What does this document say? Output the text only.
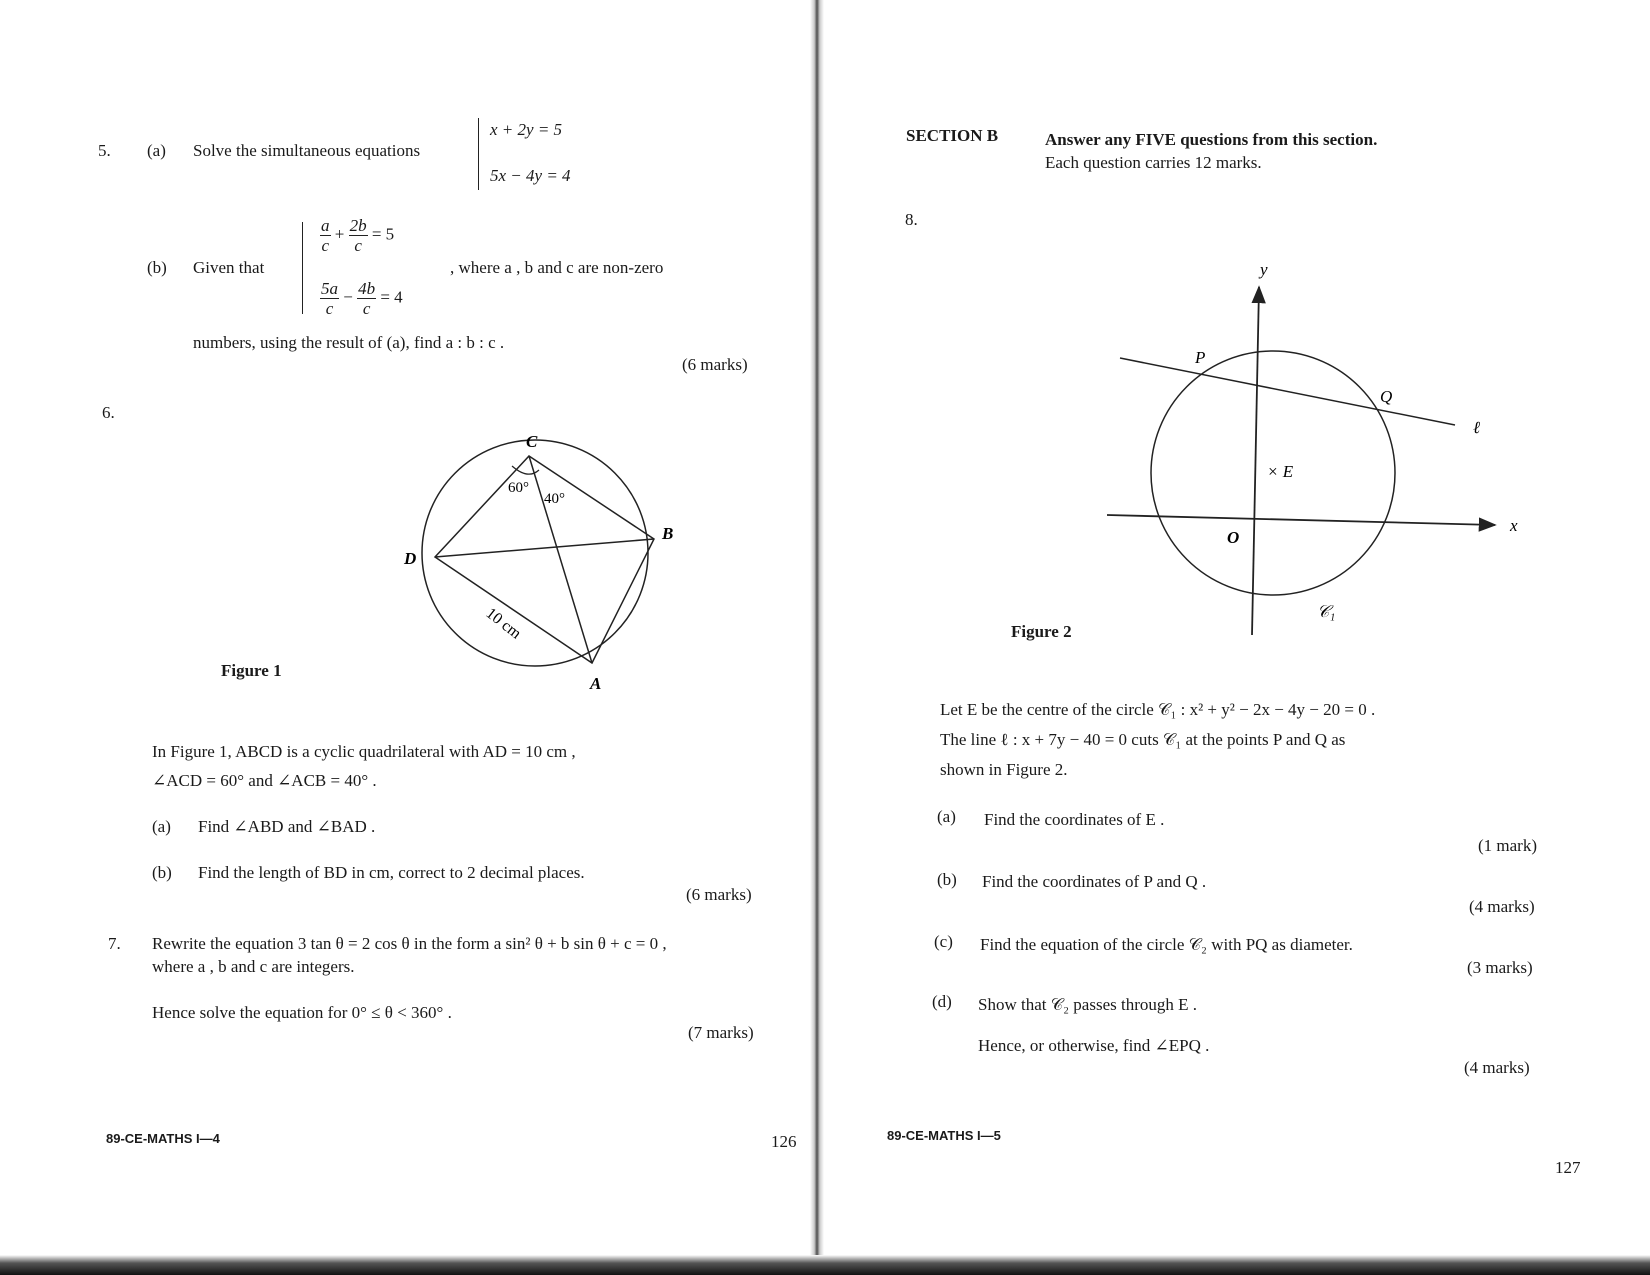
5. (a) Solve the simultaneous equations
x + 2y = 5
5x − 4y = 4
(b) Given that
$\frac{a}{c} + \frac{2b}{c} = 5$
$\frac{5a}{c} - \frac{4b}{c} = 4$
, where a , b and c are non-zero
numbers, using the result of (a), find a : b : c .
(6 marks)
6.
C
B
D
A
60°
40°
10 cm
Figure 1
In Figure 1, ABCD is a cyclic quadrilateral with AD = 10 cm ,
∠ACD = 60° and ∠ACB = 40° .
(a) Find ∠ABD and ∠BAD .
(b) Find the length of BD in cm, correct to 2 decimal places.
(6 marks)
7. Rewrite the equation 3 tan θ = 2 cos θ in the form a sin² θ + b sin θ + c = 0 ,
where a , b and c are integers.
Hence solve the equation for 0° ≤ θ < 360° .
(7 marks)
89-CE-MATHS I—4	126
SECTION B	Answer any FIVE questions from this section.
Each question carries 12 marks.
8.
y
x
O
P
Q
× E
ℓ
𝒞₁
Figure 2
Let E be the centre of the circle 𝒞₁ : x² + y² − 2x − 4y − 20 = 0 .
The line ℓ : x + 7y − 40 = 0 cuts 𝒞₁ at the points P and Q as
shown in Figure 2.
(a) Find the coordinates of E .
(1 mark)
(b) Find the coordinates of P and Q .
(4 marks)
(c) Find the equation of the circle 𝒞₂ with PQ as diameter.
(3 marks)
(d) Show that 𝒞₂ passes through E .
Hence, or otherwise, find ∠EPQ .
(4 marks)
89-CE-MATHS I—5
127
